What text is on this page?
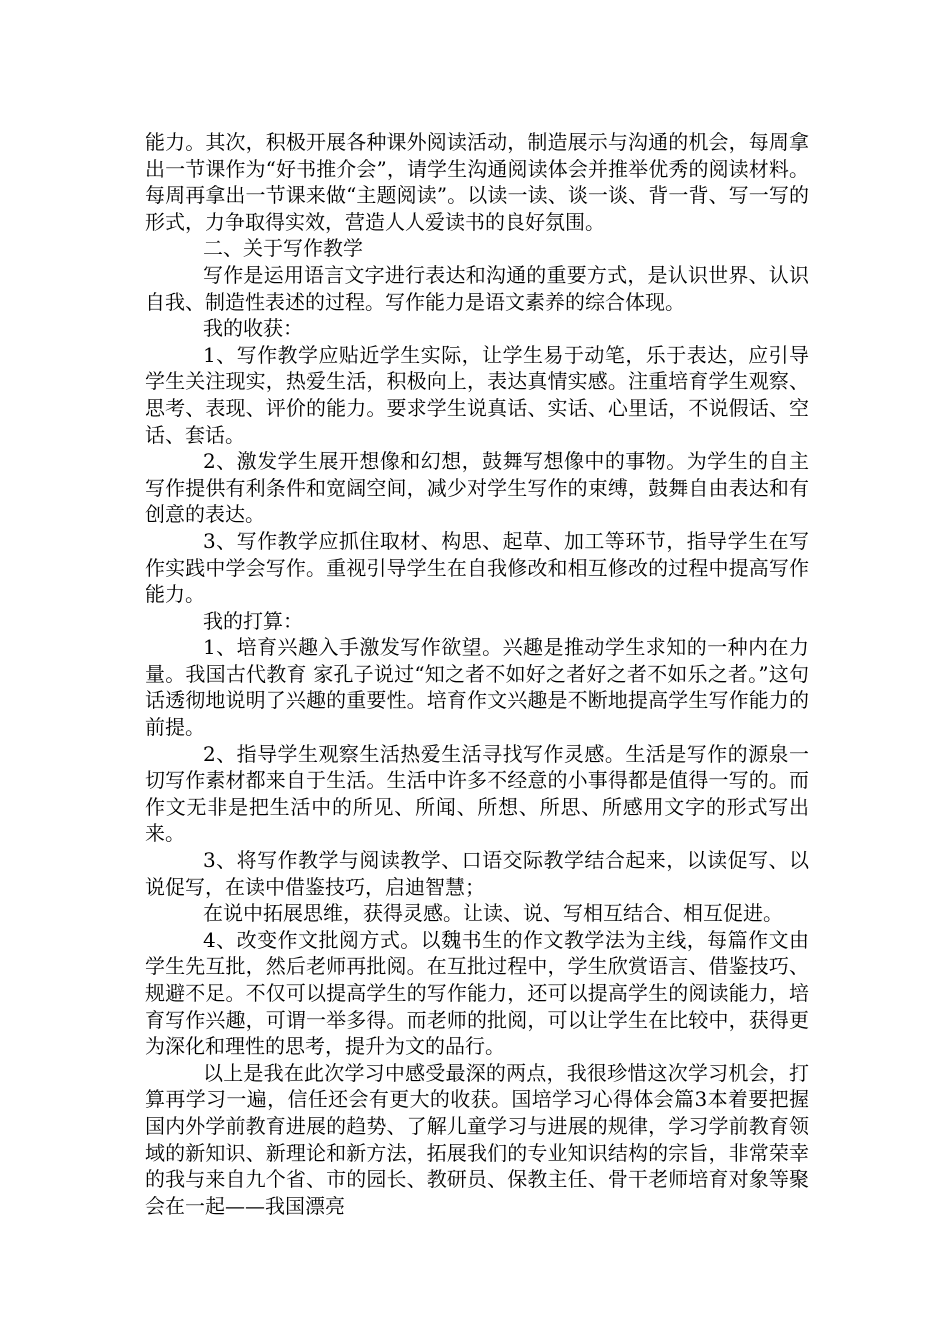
能力。其次，积极开展各种课外阅读活动，制造展示与沟通的机会，每周拿出一节课作为“好书推介会”，请学生沟通阅读体会并推举优秀的阅读材料。每周再拿出一节课来做“主题阅读”。以读一读、谈一谈、背一背、写一写的形式，力争取得实效，营造人人爱读书的良好氛围。

二、关于写作教学

写作是运用语言文字进行表达和沟通的重要方式，是认识世界、认识自我、制造性表述的过程。写作能力是语文素养的综合体现。

我的收获：

1、写作教学应贴近学生实际，让学生易于动笔，乐于表达，应引导学生关注现实，热爱生活，积极向上，表达真情实感。注重培育学生观察、思考、表现、评价的能力。要求学生说真话、实话、心里话，不说假话、空话、套话。

2、激发学生展开想像和幻想，鼓舞写想像中的事物。为学生的自主写作提供有利条件和宽阔空间，减少对学生写作的束缚，鼓舞自由表达和有创意的表达。

3、写作教学应抓住取材、构思、起草、加工等环节，指导学生在写作实践中学会写作。重视引导学生在自我修改和相互修改的过程中提高写作能力。

我的打算：

1、培育兴趣入手激发写作欲望。兴趣是推动学生求知的一种内在力量。我国古代教育 家孔子说过“知之者不如好之者好之者不如乐之者。”这句话透彻地说明了兴趣的重要性。培育作文兴趣是不断地提高学生写作能力的前提。

2、指导学生观察生活热爱生活寻找写作灵感。生活是写作的源泉一切写作素材都来自于生活。生活中许多不经意的小事得都是值得一写的。而作文无非是把生活中的所见、所闻、所想、所思、所感用文字的形式写出来。

3、将写作教学与阅读教学、口语交际教学结合起来，以读促写、以说促写，在读中借鉴技巧，启迪智慧；

在说中拓展思维，获得灵感。让读、说、写相互结合、相互促进。

4、改变作文批阅方式。以魏书生的作文教学法为主线，每篇作文由学生先互批，然后老师再批阅。在互批过程中，学生欣赏语言、借鉴技巧、规避不足。不仅可以提高学生的写作能力，还可以提高学生的阅读能力，培育写作兴趣，可谓一举多得。而老师的批阅，可以让学生在比较中，获得更为深化和理性的思考，提升为文的品行。

以上是我在此次学习中感受最深的两点，我很珍惜这次学习机会，打算再学习一遍，信任还会有更大的收获。国培学习心得体会篇3本着要把握国内外学前教育进展的趋势、了解儿童学习与进展的规律，学习学前教育领域的新知识、新理论和新方法，拓展我们的专业知识结构的宗旨，非常荣幸的我与来自九个省、市的园长、教研员、保教主任、骨干老师培育对象等聚会在一起——我国漂亮
